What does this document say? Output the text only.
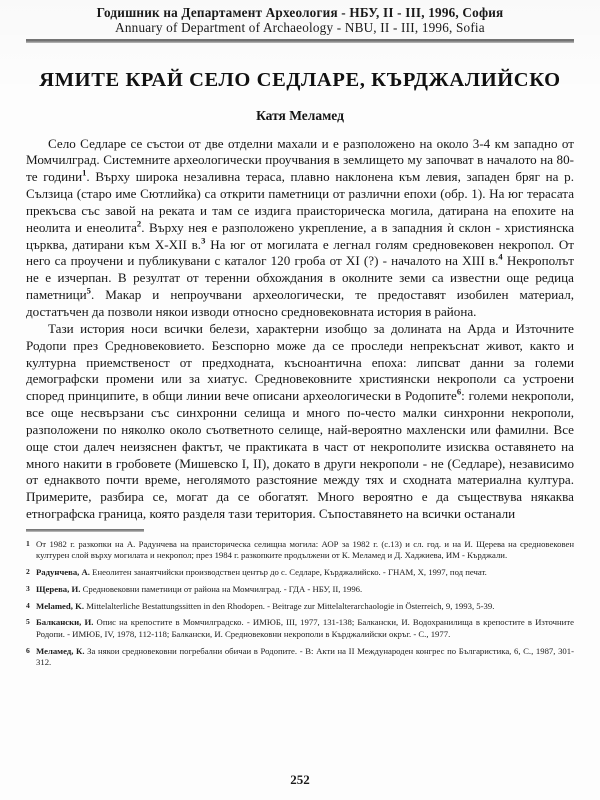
Годишник на Департамент Археология - НБУ, II - III, 1996, София
Annuary of Department of Archaeology - NBU, II - III, 1996, Sofia
ЯМИТЕ КРАЙ СЕЛО СЕДЛАРЕ, КЪРДЖАЛИЙСКО
Катя Меламед

Село Седларе се състои от две отделни махали и е разположено на около 3-4 км западно от Момчилград. Системните археологически проучвания в землището му започват в началото на 80-те години$^1$. Върху широка незаливна тераса, плавно наклонена към левия, западен бряг на р. Сълзица (старо име Сютлийка) са открити паметници от различни епохи (обр. 1). На юг терасата прекъсва със завой на реката и там се издига праисторическа могила, датирана на епохите на неолита и енеолита$^2$. Върху нея е разположено укрепление, а в западния ѝ склон - християнска църква, датирани към X-XII в.$^3$ На юг от могилата е легнал голям средновековен некропол. От него са проучени и публикувани с каталог 120 гроба от XI (?) - началото на XIII в.$^4$ Некрополът не е изчерпан. В резултат от теренни обхождания в околните земи са известни още редица паметници$^5$. Макар и непроучвани археологически, те предоставят изобилен материал, достатъчен да позволи някои изводи относно средновековната история в района.

Тази история носи всички белези, характерни изобщо за долината на Арда и Източните Родопи през Средновековието. Безспорно може да се проследи непрекъснат живот, както и културна приемственост от предходната, късноантична епоха: липсват данни за големи демографски промени или за хиатус. Средновековните християнски некрополи са устроени според принципите, в общи линии вече описани археологически в Родопите$^6$: големи некрополи, все още несвързани със синхронни селища и много по-често малки синхронни некрополи, разположени по няколко около съответното селище, най-вероятно махленски или фамилни. Все още стои далеч неизяснен фактът, че практиката в част от некрополите изисква оставянето на много накити в гробовете (Мишевско I, II), докато в други некрополи - не (Седларе), независимо от еднаквото почти време, неголямото разстояние между тях и сходната материална култура. Примерите, разбира се, могат да се обогатят. Много вероятно е да съществува някаква етнографска граница, която разделя тази територия. Съпоставянето на всички останали

1 От 1982 г. разкопки на А. Радунчева на праисторическа селищна могила: АОР за 1982 г. (с.13) и сл. год. и на И. Щерева на средновековен културен слой върху могилата и некропол; през 1984 г. разкопките продължени от К. Меламед и Д. Хаджиева, ИМ - Кърджали.
2 Радунчева, А. Енеолитен занаятчийски производствен център до с. Седларе, Кърджалийско. - ГНАМ, X, 1997, под печат.
3 Щерева, И. Средновековни паметници от района на Момчилград. - ГДА - НБУ, II, 1996.
4 Melamed, K. Mittelalterliche Bestattungssitten in den Rhodopen. - Beitrage zur Mittelalterarchaologie in Österreich, 9, 1993, 5-39.
5 Балкански, И. Опис на крепостите в Момчилградско. - ИМЮБ, III, 1977, 131-138; Балкански, И. Водохранилища в крепостите в Източните Родопи. - ИМЮБ, IV, 1978, 112-118; Балкански, И. Средновековни некрополи в Кърджалийски окръг. - С., 1977.
6 Меламед, К. За някои средновековни погребални обичаи в Родопите. - В: Акти на II Международен конгрес по Българистика, 6, С., 1987, 301-312.
252
